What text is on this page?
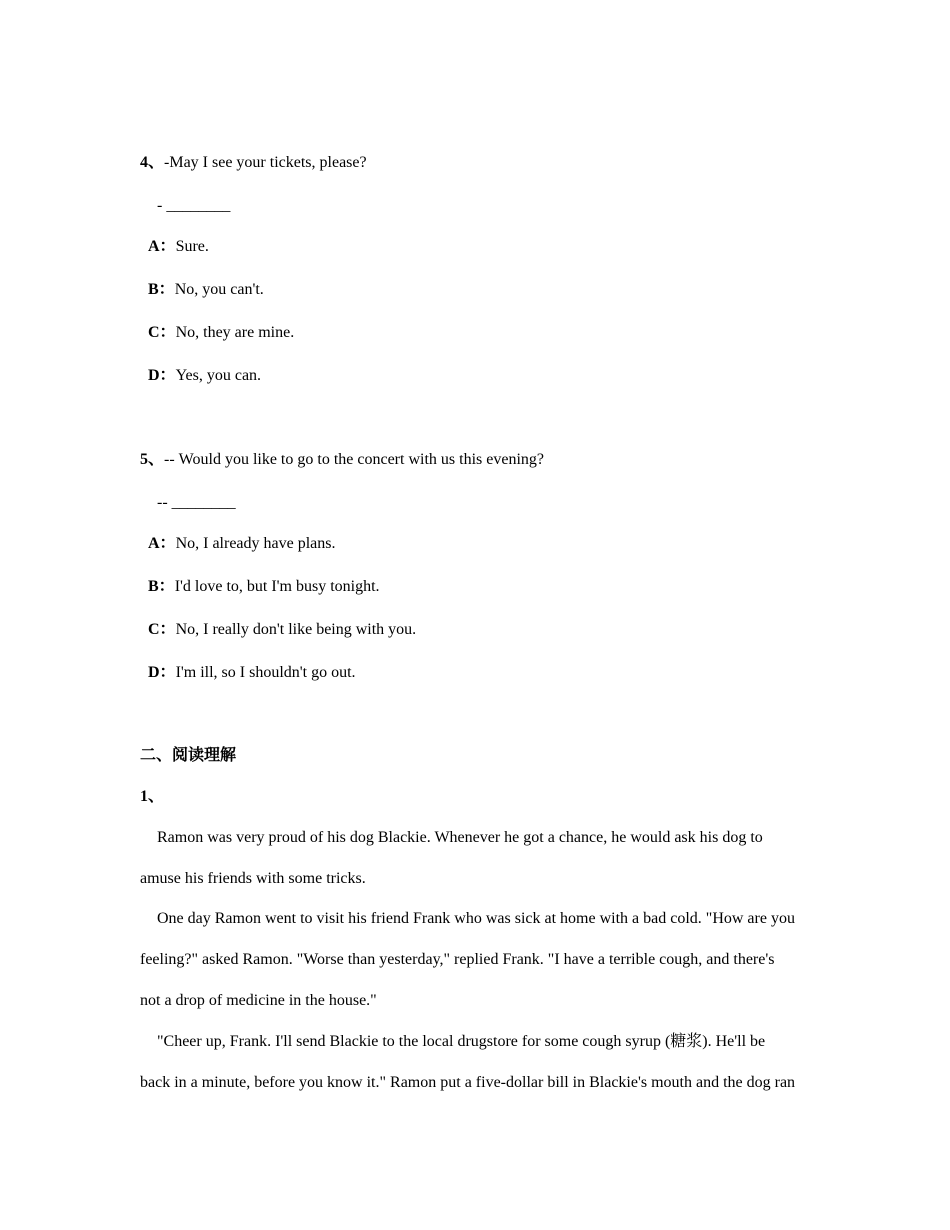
4、-May I see your tickets, please?
- ________
A：Sure.
B：No, you can't.
C：No, they are mine.
D：Yes, you can.
5、-- Would you like to go to the concert with us this evening?
-- ________
A：No, I already have plans.
B：I'd love to, but I'm busy tonight.
C：No, I really don't like being with you.
D：I'm ill, so I shouldn't go out.
二、阅读理解
1、
Ramon was very proud of his dog Blackie. Whenever he got a chance, he would ask his dog to
amuse his friends with some tricks.
One day Ramon went to visit his friend Frank who was sick at home with a bad cold. "How are you
feeling?" asked Ramon. "Worse than yesterday," replied Frank. "I have a terrible cough, and there's
not a drop of medicine in the house."
"Cheer up, Frank. I'll send Blackie to the local drugstore for some cough syrup (糖浆). He'll be
back in a minute, before you know it." Ramon put a five-dollar bill in Blackie's mouth and the dog ran
